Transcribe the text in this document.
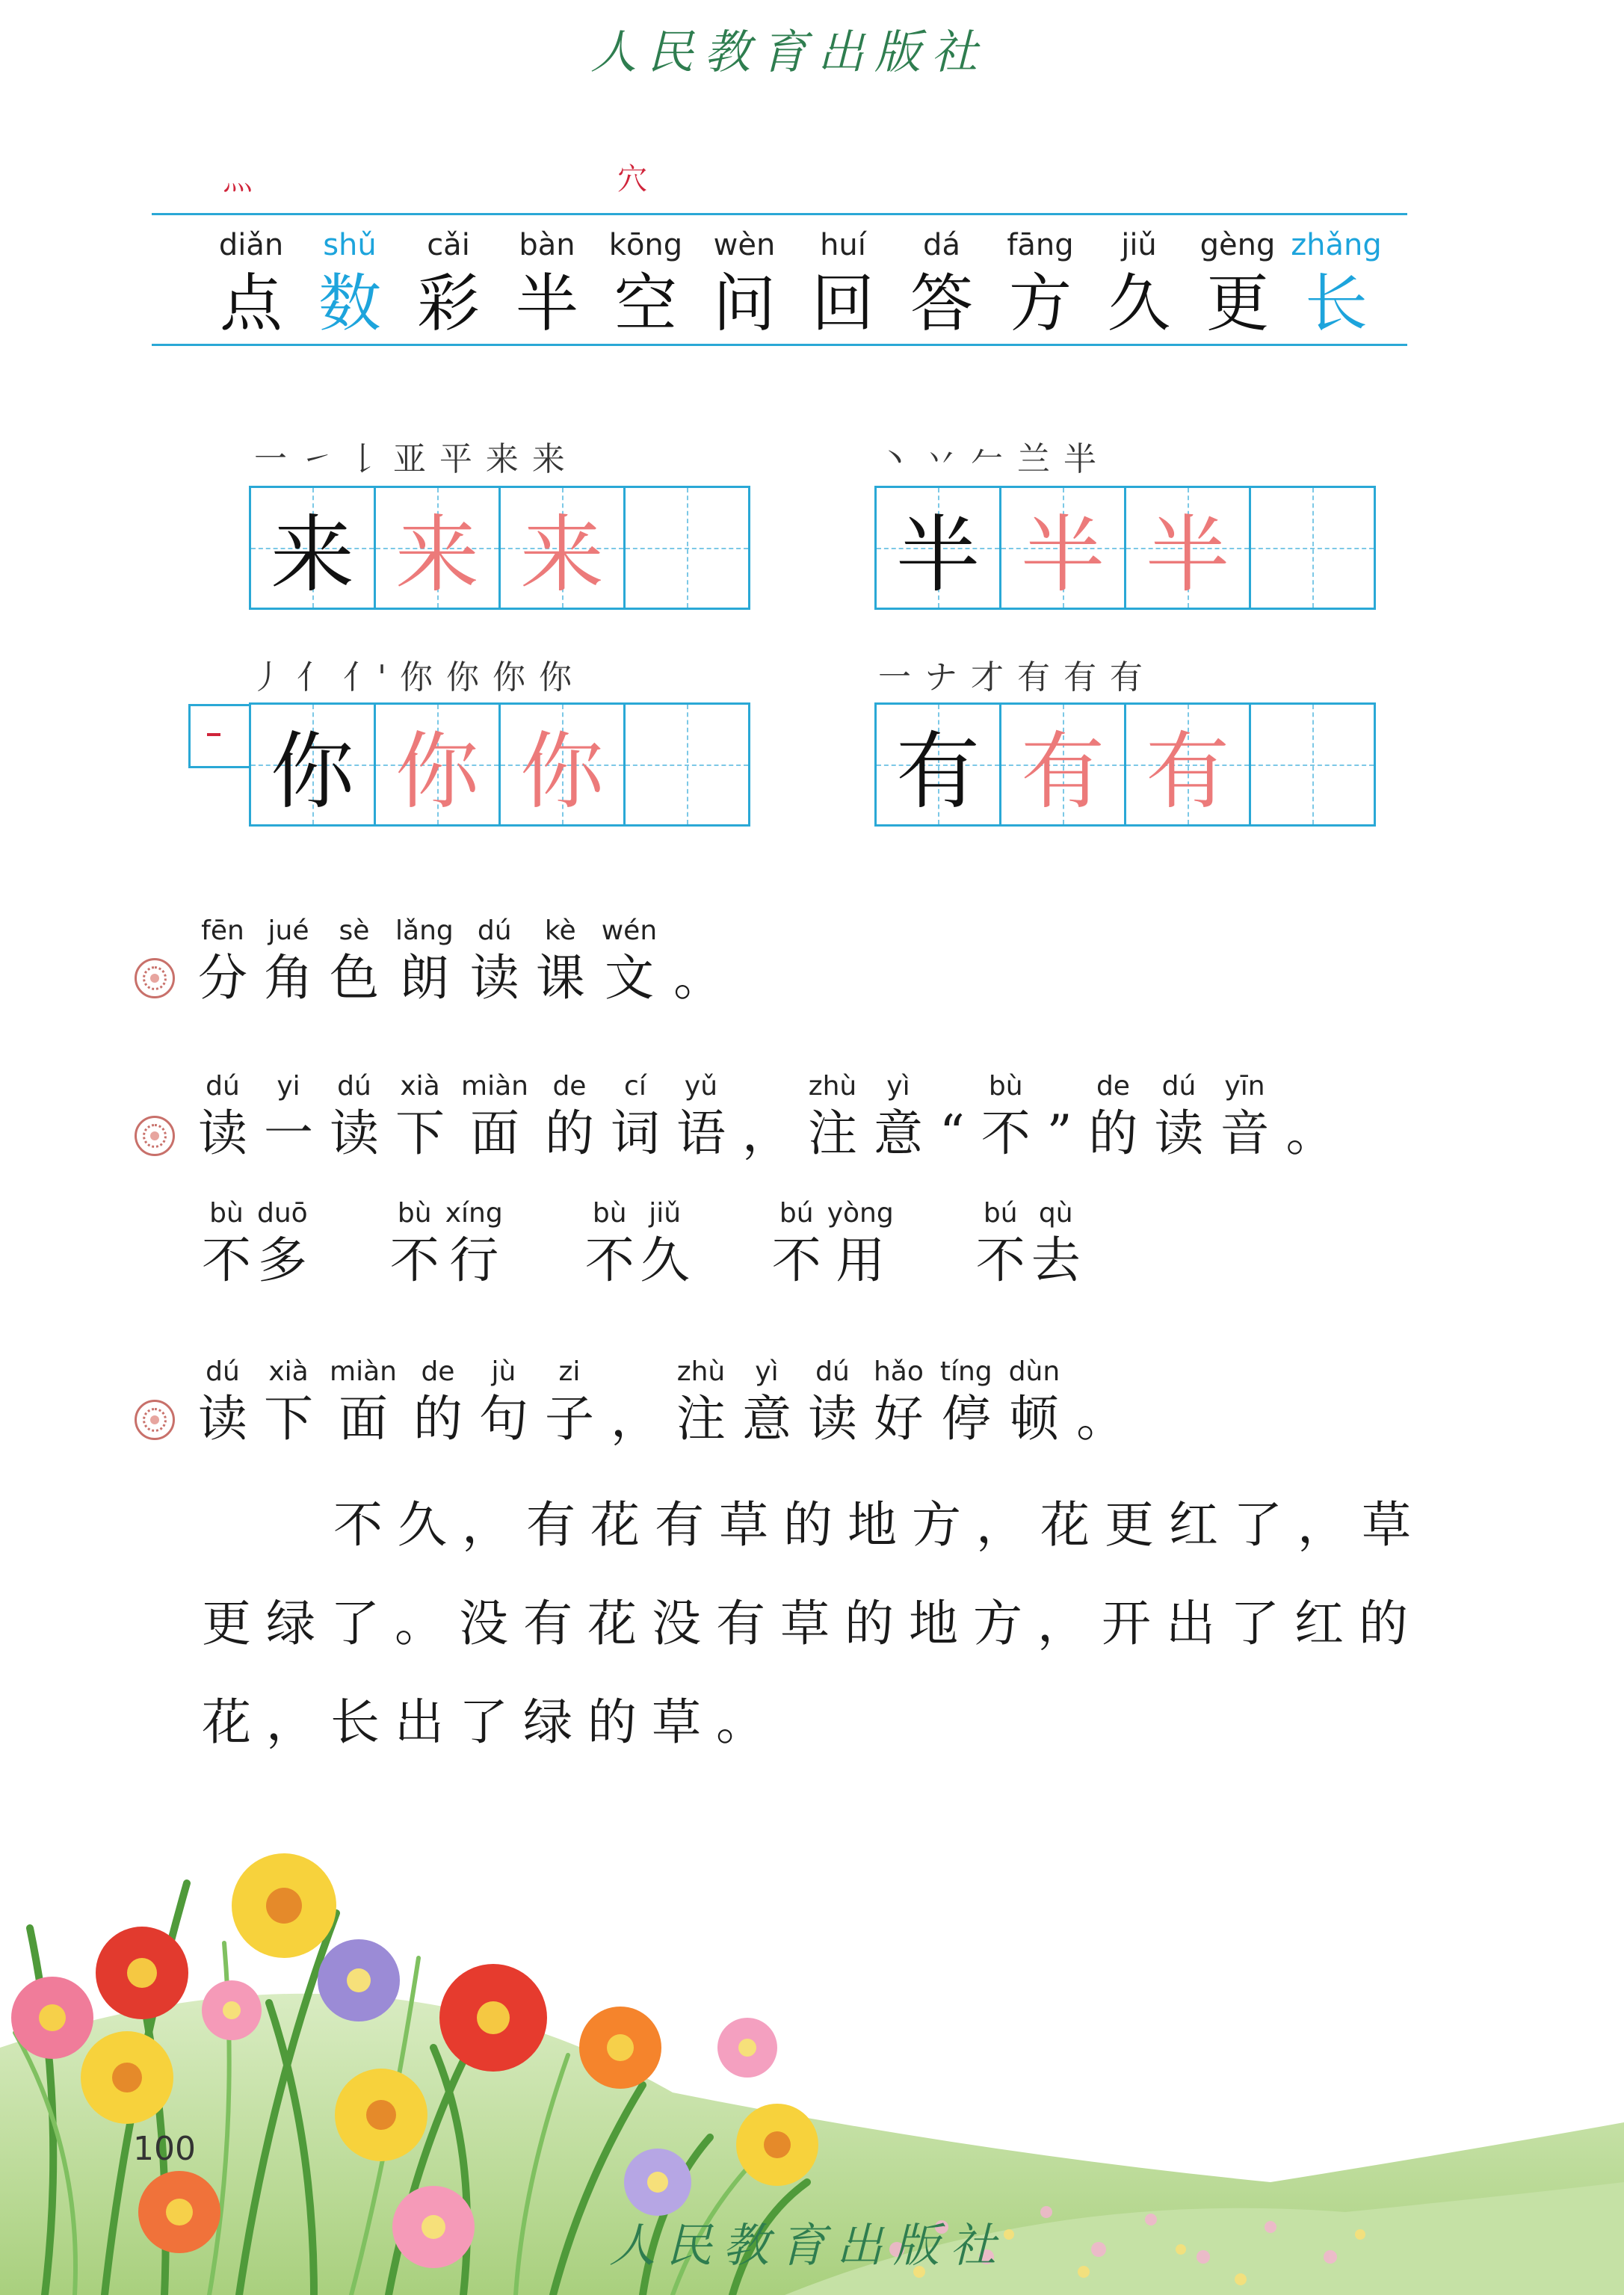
人民教育出版社
灬	穴
diǎn
点
shǔ
数
cǎi
彩
bàn
半
kōng
空
wèn
问
huí
回
dá
答
fāng
方
jiǔ
久
gèng
更
zhǎng
长
一 ㇀ 𠄌 亚 平 来 来
来 来 来
丶 丷 𠂉 兰 半
半 半 半
丿 亻 亻' 你 你 你 你
你 你 你
一 ナ 才 有 有 有
有 有 有
fēn
分
jué
角
sè
色
lǎng
朗
dú
读
kè
课
wén
文 。
dú
读
yi
一
dú
读
xià
下
miàn
面
de
的
cí
词
yǔ
语 ，
zhù
注
yì
意 “
bù
不 ”
de
的
dú
读
yīn
音 。
bù
不
duō
多
bù
不
xíng
行
bù
不
jiǔ
久
bú
不
yòng
用
bú
不
qù
去
dú
读
xià
下
miàn
面
de
的
jù
句
zi
子 ，
zhù
注
yì
意
dú
读
hǎo
好
tíng
停
dùn
顿 。
不久，有花有草的地方，花更红了，草更绿了。没有花没有草的地方，开出了红的花，长出了绿的草。
100
人民教育出版社
